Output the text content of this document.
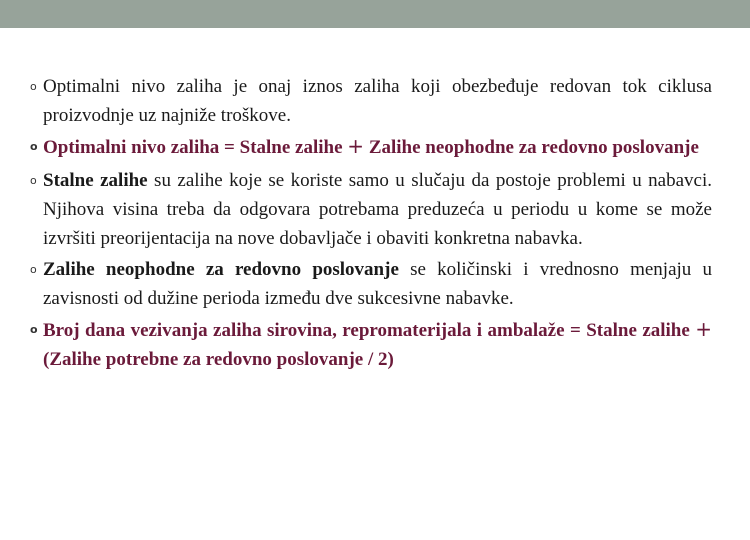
o Optimalni nivo zaliha je onaj iznos zaliha koji obezbeđuje redovan tok ciklusa proizvodnje uz najniže troškove.
o Optimalni nivo zaliha = Stalne zalihe + Zalihe neophodne za redovno poslovanje
o Stalne zalihe su zalihe koje se koriste samo u slučaju da postoje problemi u nabavci. Njihova visina treba da odgovara potrebama preduzeća u periodu u kome se može izvršiti preorijentacija na nove dobavljače i obaviti konkretna nabavka.
o Zalihe neophodne za redovno poslovanje se količinski i vrednosno menjaju u zavisnosti od dužine perioda između dve sukcesivne nabavke.
o Broj dana vezivanja zaliha sirovina, repromaterijala i ambalaže = Stalne zalihe + (Zalihe potrebne za redovno poslovanje / 2)
